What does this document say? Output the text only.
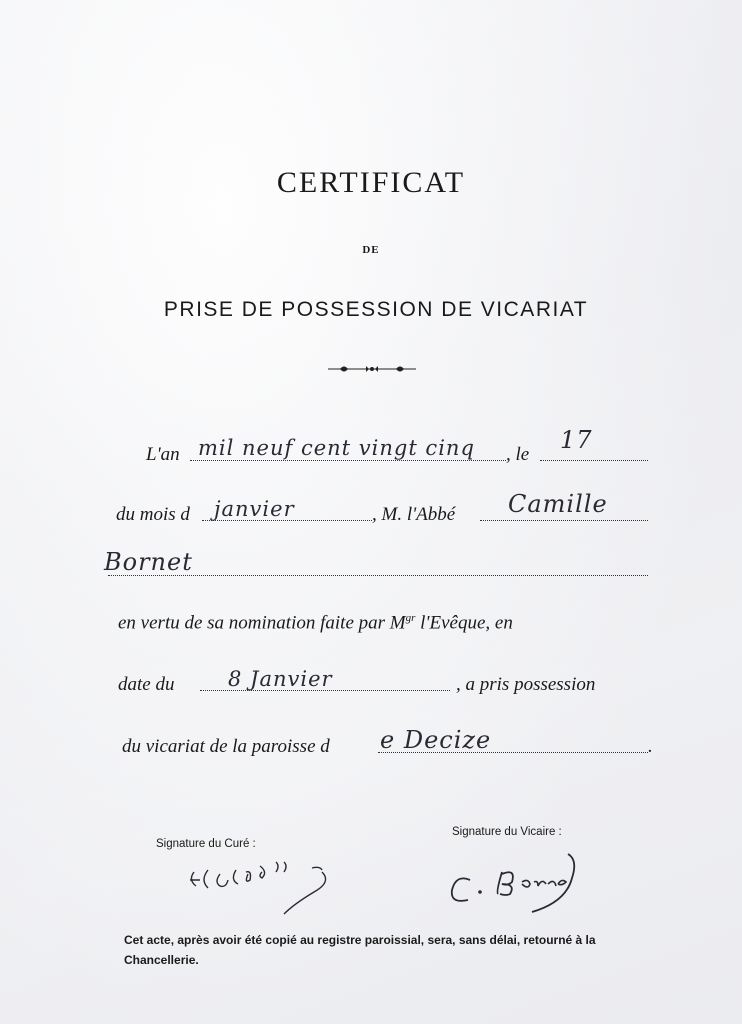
CERTIFICAT
DE
PRISE DE POSSESSION DE VICARIAT
L'an mil neuf cent vingt cinq , le
17
du mois d janvier	, M. l'Abbé Camille
Bornet
en vertu de sa nomination faite par $M^{gr}$ l'Evêque, en
date du	8 Janvier	, a pris possession
du vicariat de la paroisse d e Decize	.
Signature du Curé :
Signature du Vicaire :
Cet acte, après avoir été copié au registre paroissial, sera, sans délai, retourné à la Chancellerie.
